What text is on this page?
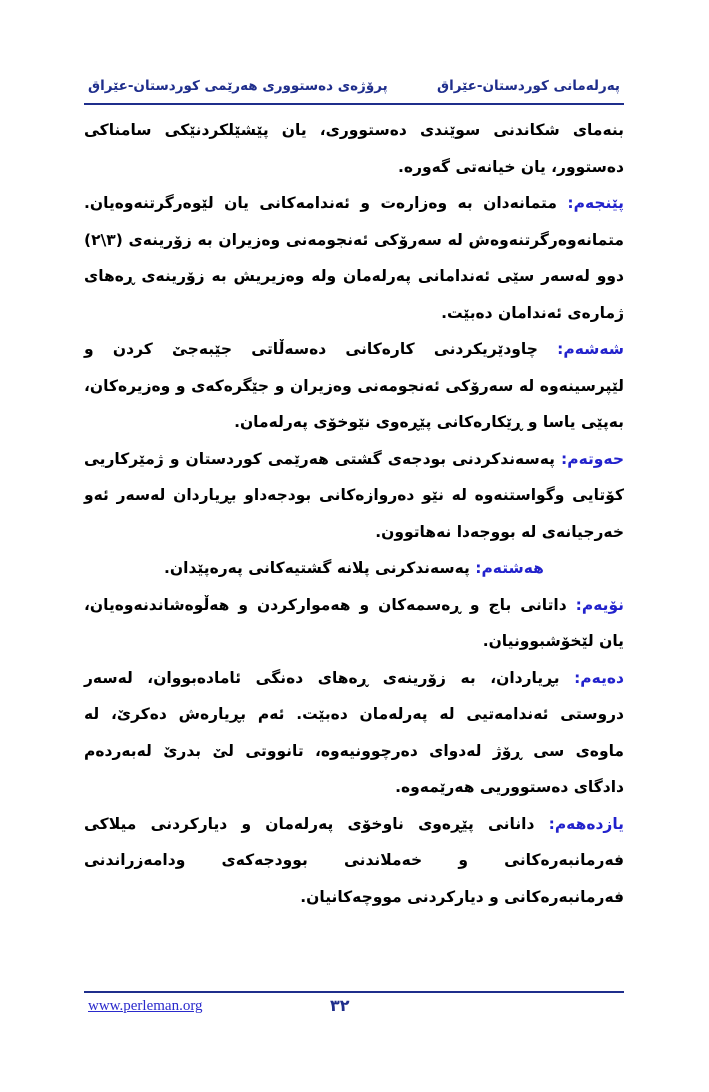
پەرلەمانی کوردستان-عێراق
پرۆژەی دەستووری هەرێمی کوردستان-عێراق

بنەمای شکاندنی سوێندی دەستووری، یان پێشێلکردنێکی سامناکی دەستوور، یان خیانەتی گەورە.

پێنجەم: متمانەدان بە وەزارەت و ئەندامەکانی یان لێوەرگرتنەوەیان. متمانەوەرگرتنەوەش لە سەرۆکی ئەنجومەنی وەزیران بە زۆرینەی (٣\٢) دوو لەسەر سێی ئەندامانی پەرلەمان ولە وەزیریش بە زۆرینەی ڕەهای ژمارەی ئەندامان دەبێت.

شەشەم: چاودێریکردنی کارەکانی دەسەڵاتی جێبەجێ کردن و لێپرسینەوە لە سەرۆکی ئەنجومەنی وەزیران و جێگرەکەی و وەزیرەکان، بەپێی یاسا و ڕێکارەکانی پێڕەوی نێوخۆی پەرلەمان.

حەوتەم: پەسەندکردنی بودجەی گشتی هەرێمی کوردستان و ژمێرکاریی کۆتایی وگواستنەوە لە نێو دەروازەکانی بودجەداو بڕیاردان لەسەر ئەو خەرجیانەی لە بووجەدا نەهاتوون.

هەشتەم: پەسەندکرنی پلانە گشتیەکانی پەرەپێدان.

نۆیەم: داتانی باج و ڕەسمەکان و هەموارکردن و هەڵوەشاندنەوەیان، یان لێخۆشبوونیان.

دەیەم: بڕیاردان، بە زۆرینەی ڕەهای دەنگی ئامادەبووان، لەسەر دروستی ئەندامەتیی لە پەرلەمان دەبێت. ئەم بڕیارەش دەکرێ، لە ماوەی سی ڕۆژ لەدوای دەرچوونیەوە، تانووتی لێ بدرێ لەبەردەم دادگای دەستووریی هەرێمەوە.

یازدەهەم: دانانی پێڕەوی ناوخۆی پەرلەمان و دیارکردنی میلاکی فەرمانبەرەکانی و خەملاندنی بوودجەکەی ودامەزراندنی فەرمانبەرەکانی و دیارکردنی مووچەکانیان.

www.perleman.org	٣٢
